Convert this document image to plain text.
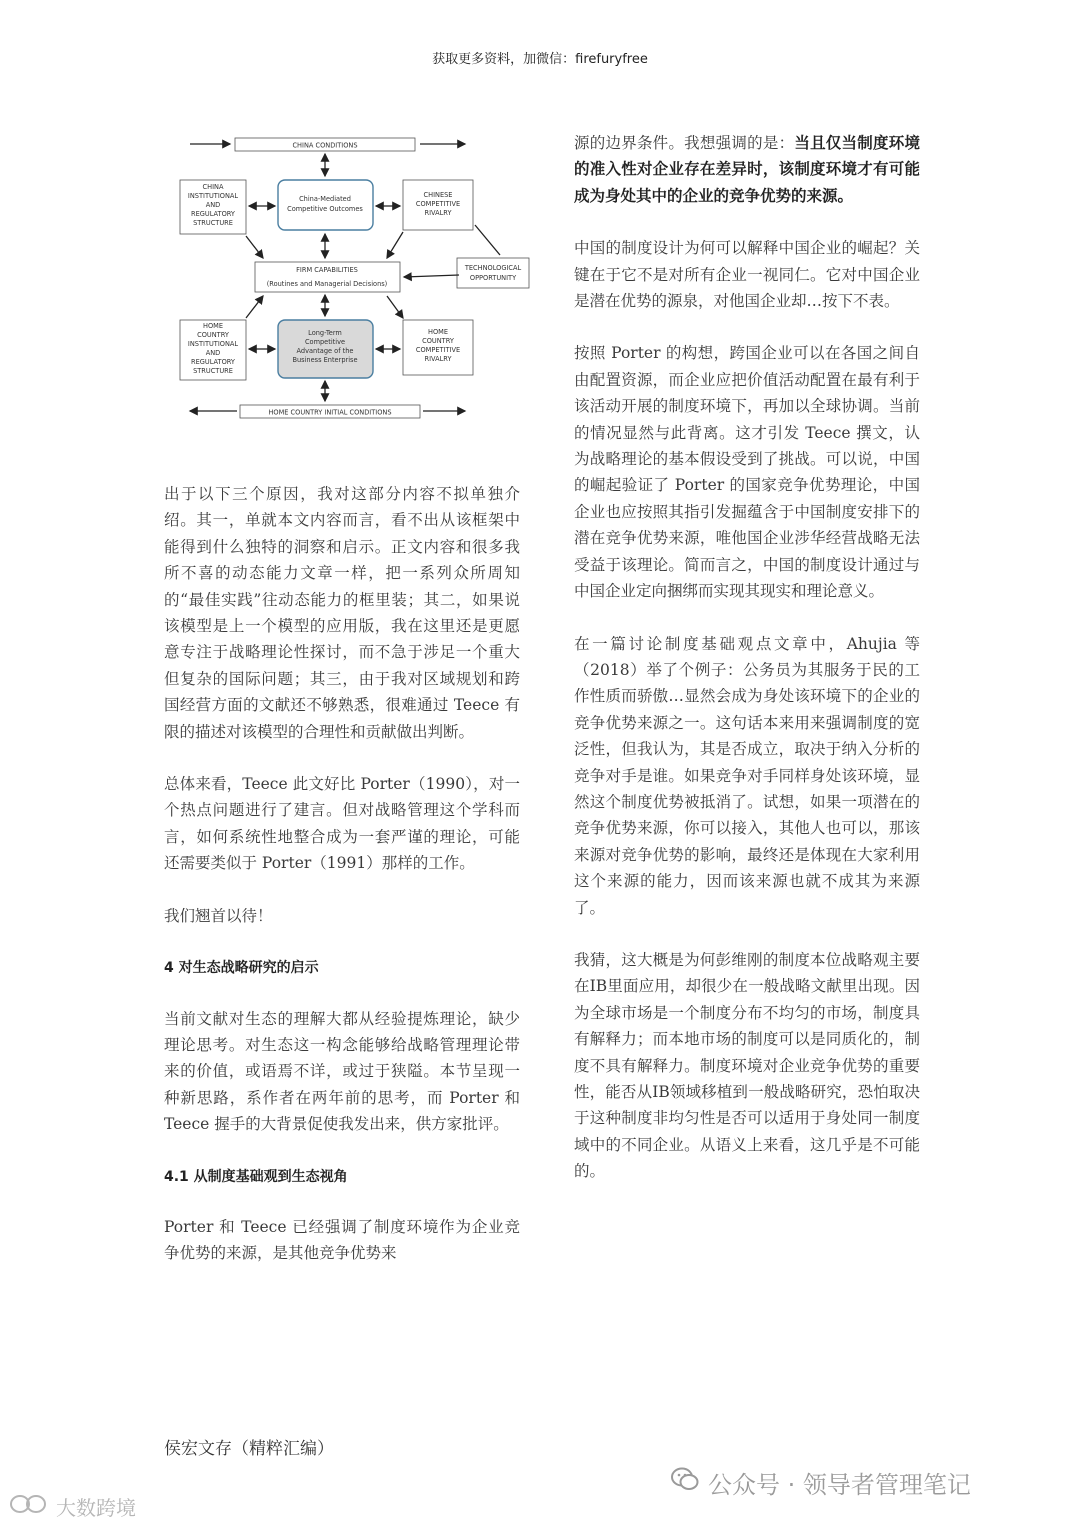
获取更多资料，加微信：firefuryfree
CHINA CONDITIONS
CHINA
INSTITUTIONAL
AND
REGULATORY
STRUCTURE
China-Mediated
Competitive Outcomes
CHINESE
COMPETITIVE
RIVALRY
FIRM CAPABILITIES
(Routines and Managerial Decisions)
TECHNOLOGICAL
OPPORTUNITY
HOME
COUNTRY
INSTITUTIONAL
AND
REGULATORY
STRUCTURE
Long-Term
Competitive
Advantage of the
Business Enterprise
HOME
COUNTRY
COMPETITIVE
RIVALRY
HOME COUNTRY INITIAL CONDITIONS

出于以下三个原因，我对这部分内容不拟单独介绍。其一，单就本文内容而言，看不出从该框架中能得到什么独特的洞察和启示。正文内容和很多我所不喜的动态能力文章一样，把一系列众所周知的“最佳实践”往动态能力的框里装；其二，如果说该模型是上一个模型的应用版，我在这里还是更愿意专注于战略理论性探讨，而不急于涉足一个重大但复杂的国际问题；其三，由于我对区域规划和跨国经营方面的文献还不够熟悉，很难通过 Teece 有限的描述对该模型的合理性和贡献做出判断。

总体来看，Teece 此文好比 Porter（1990），对一个热点问题进行了建言。但对战略管理这个学科而言，如何系统性地整合成为一套严谨的理论，可能还需要类似于 Porter（1991）那样的工作。

我们翘首以待！

4 对生态战略研究的启示

当前文献对生态的理解大都从经验提炼理论，缺少理论思考。对生态这一构念能够给战略管理理论带来的价值，或语焉不详，或过于狭隘。本节呈现一种新思路，系作者在两年前的思考，而 Porter 和 Teece 握手的大背景促使我发出来，供方家批评。

4.1 从制度基础观到生态视角

Porter 和 Teece 已经强调了制度环境作为企业竞争优势的来源，是其他竞争优势来

源的边界条件。我想强调的是：当且仅当制度环境的准入性对企业存在差异时，该制度环境才有可能成为身处其中的企业的竞争优势的来源。

中国的制度设计为何可以解释中国企业的崛起？关键在于它不是对所有企业一视同仁。它对中国企业是潜在优势的源泉，对他国企业却…按下不表。

按照 Porter 的构想，跨国企业可以在各国之间自由配置资源，而企业应把价值活动配置在最有利于该活动开展的制度环境下，再加以全球协调。当前的情况显然与此背离。这才引发 Teece 撰文，认为战略理论的基本假设受到了挑战。可以说，中国的崛起验证了 Porter 的国家竞争优势理论，中国企业也应按照其指引发掘蕴含于中国制度安排下的潜在竞争优势来源，唯他国企业涉华经营战略无法受益于该理论。简而言之，中国的制度设计通过与中国企业定向捆绑而实现其现实和理论意义。

在一篇讨论制度基础观点文章中，Ahujia 等（2018）举了个例子：公务员为其服务于民的工作性质而骄傲…显然会成为身处该环境下的企业的竞争优势来源之一。这句话本来用来强调制度的宽泛性，但我认为，其是否成立，取决于纳入分析的竞争对手是谁。如果竞争对手同样身处该环境，显然这个制度优势被抵消了。试想，如果一项潜在的竞争优势来源，你可以接入，其他人也可以，那该来源对竞争优势的影响，最终还是体现在大家利用这个来源的能力，因而该来源也就不成其为来源了。

我猜，这大概是为何彭维刚的制度本位战略观主要在IB里面应用，却很少在一般战略文献里出现。因为全球市场是一个制度分布不均匀的市场，制度具有解释力；而本地市场的制度可以是同质化的，制度不具有解释力。制度环境对企业竞争优势的重要性，能否从IB领域移植到一般战略研究，恐怕取决于这种制度非均匀性是否可以适用于身处同一制度域中的不同企业。从语义上来看，这几乎是不可能的。

侯宏文存（精粹汇编）
公众号 · 领导者管理笔记
大数跨境
